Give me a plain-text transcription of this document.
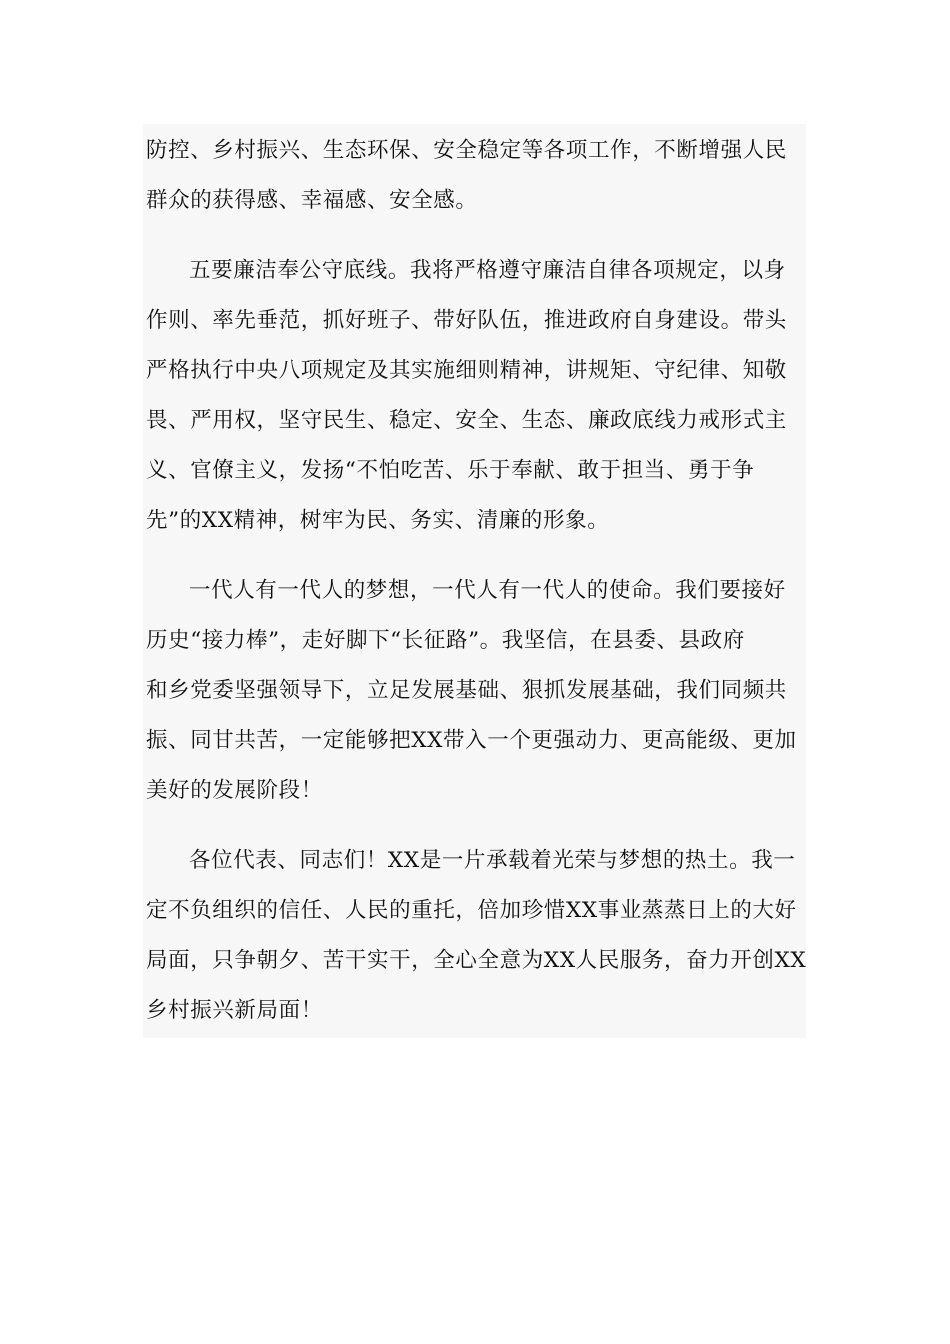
防控、乡村振兴、生态环保、安全稳定等各项工作，不断增强人民
群众的获得感、幸福感、安全感。
五要廉洁奉公守底线。我将严格遵守廉洁自律各项规定，以身
作则、率先垂范，抓好班子、带好队伍，推进政府自身建设。带头
严格执行中央八项规定及其实施细则精神，讲规矩、守纪律、知敬
畏、严用权，坚守民生、稳定、安全、生态、廉政底线力戒形式主
义、官僚主义，发扬“不怕吃苦、乐于奉献、敢于担当、勇于争
先”的XX精神，树牢为民、务实、清廉的形象。
一代人有一代人的梦想，一代人有一代人的使命。我们要接好
历史“接力棒”，走好脚下“长征路”。我坚信，在县委、县政府
和乡党委坚强领导下，立足发展基础、狠抓发展基础，我们同频共
振、同甘共苦，一定能够把XX带入一个更强动力、更高能级、更加
美好的发展阶段！
各位代表、同志们！XX是一片承载着光荣与梦想的热土。我一
定不负组织的信任、人民的重托，倍加珍惜XX事业蒸蒸日上的大好
局面，只争朝夕、苦干实干，全心全意为XX人民服务，奋力开创XX
乡村振兴新局面！
